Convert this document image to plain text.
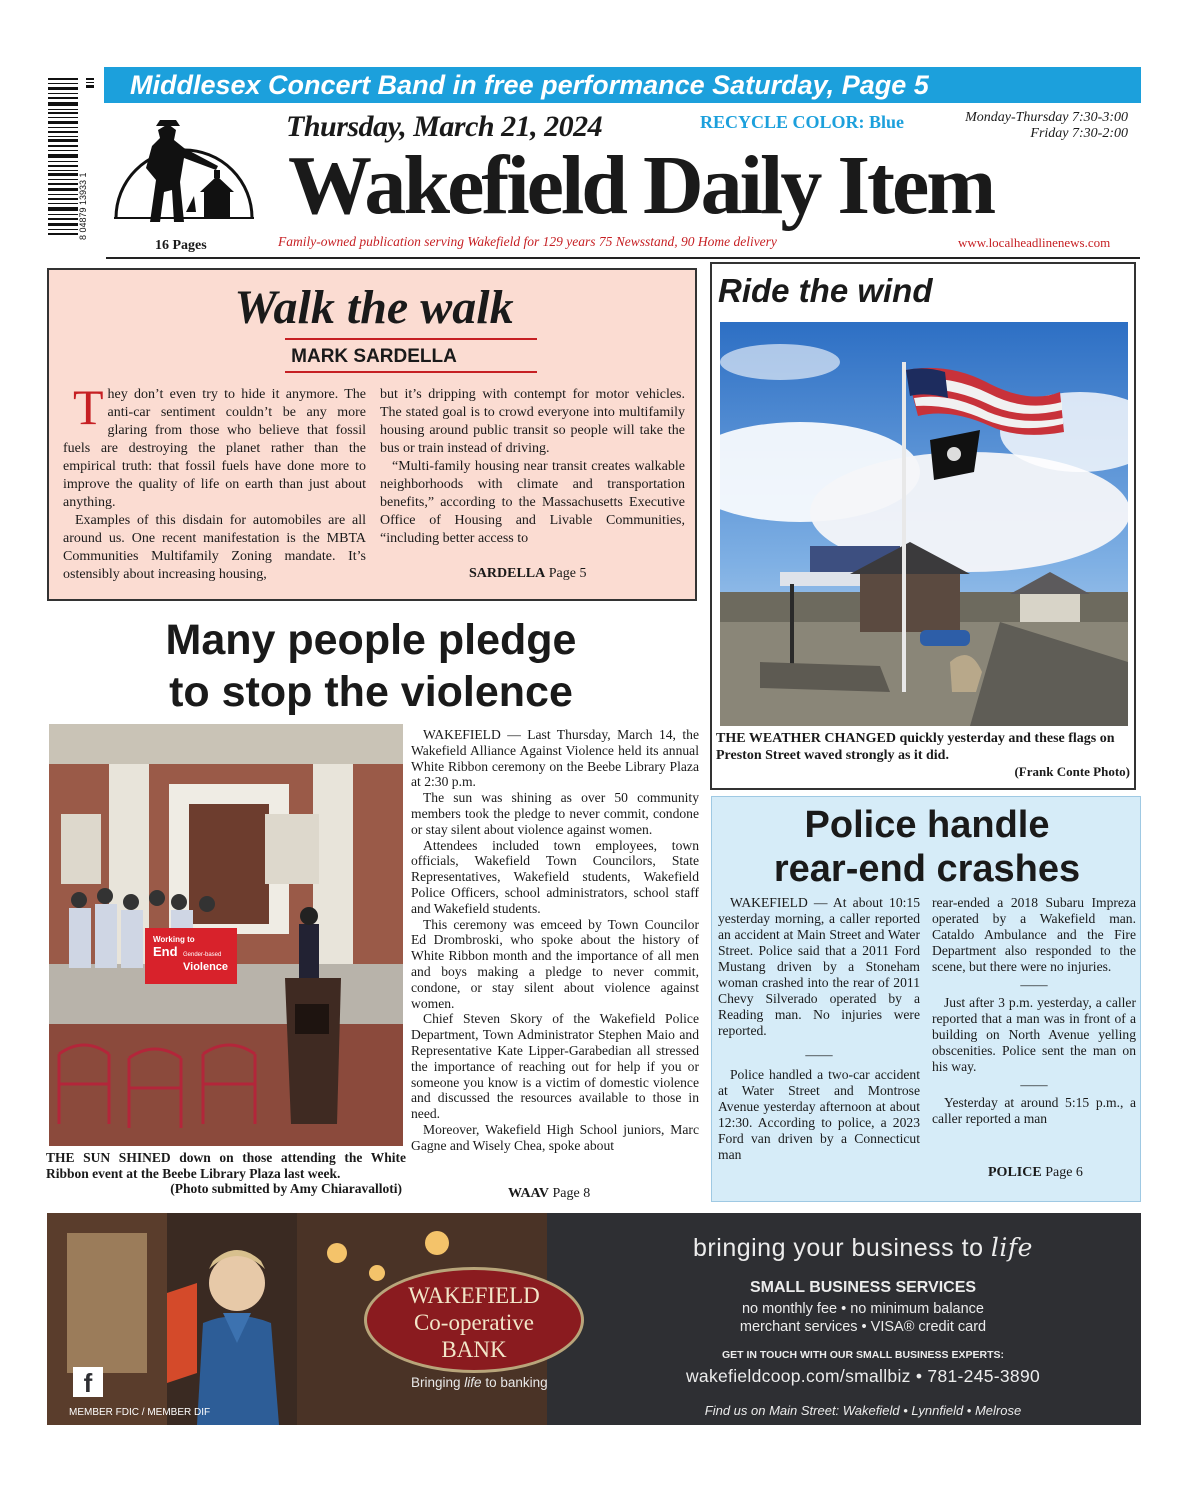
8 04879 13933 1
Middlesex Concert Band in free performance Saturday, Page 5
16 Pages
Thursday, March 21, 2024	RECYCLE COLOR: Blue	Monday-Thursday 7:30-3:00
Friday 7:30-2:00
Wakefield Daily Item
Family-owned publication serving Wakefield for 129 years 75 Newsstand, 90 Home delivery	www.localheadlinenews.com
Walk the walk
MARK SARDELLA

They don’t even try to hide it anymore. The anti-car sentiment couldn’t be any more glaring from those who believe that fossil fuels are destroying the planet rather than the empirical truth: that fossil fuels have done more to improve the quality of life on earth than just about anything.

Examples of this disdain for automobiles are all around us. One recent manifestation is the MBTA Communities Multifamily Zoning mandate. It’s ostensibly about increasing housing,

but it’s dripping with contempt for motor vehicles. The stated goal is to crowd everyone into multifamily housing around public transit so people will take the bus or train instead of driving.

“Multi-family housing near transit creates walkable neighborhoods with climate and transportation benefits,” according to the Massachusetts Executive Office of Housing and Livable Communities, “including better access to

SARDELLA Page 5
Ride the wind
THE WEATHER CHANGED quickly yesterday and these flags on Preston Street waved strongly as it did.
(Frank Conte Photo)
Many people pledge
to stop the violence
Working to
End Gender-based
Violence
THE SUN SHINED down on those attending the White Ribbon event at the Beebe Library Plaza last week.
(Photo submitted by Amy Chiaravalloti)

WAKEFIELD — Last Thursday, March 14, the Wakefield Alliance Against Violence held its annual White Ribbon ceremony on the Beebe Library Plaza at 2:30 p.m.

The sun was shining as over 50 community members took the pledge to never commit, condone or stay silent about violence against women.

Attendees included town employees, town officials, Wakefield Town Councilors, State Representatives, Wakefield students, Wakefield Police Officers, school administrators, school staff and Wakefield students.

This ceremony was emceed by Town Councilor Ed Drombroski, who spoke about the history of White Ribbon month and the importance of all men and boys making a pledge to never commit, condone, or stay silent about violence against women.

Chief Steven Skory of the Wakefield Police Department, Town Administrator Stephen Maio and Representative Kate Lipper-Garabedian all stressed the importance of reaching out for help if you or someone you know is a victim of domestic violence and discussed the resources available to those in need.

Moreover, Wakefield High School juniors, Marc Gagne and Wisely Chea, spoke about

WAAV Page 8
Police handle
rear-end crashes

WAKEFIELD — At about 10:15 yesterday morning, a caller reported an accident at Main Street and Water Street. Police said that a 2011 Ford Mustang driven by a Stoneham woman crashed into the rear of 2011 Chevy Silverado operated by a Reading man. No injuries were reported.

——

Police handled a two-car accident at Water Street and Montrose Avenue yesterday afternoon at about 12:30. According to police, a 2023 Ford van driven by a Connecticut man

rear-ended a 2018 Subaru Impreza operated by a Wakefield man. Cataldo Ambulance and the Fire Department also responded to the scene, but there were no injuries.

——

Just after 3 p.m. yesterday, a caller reported that a man was in front of a building on North Avenue yelling obscenities. Police sent the man on his way.

——

Yesterday at around 5:15 p.m., a caller reported a man

POLICE Page 6
f
MEMBER FDIC / MEMBER DIF
WAKEFIELD
Co-operative
BANK
Bringing life to banking
bringing your business to life
SMALL BUSINESS SERVICES
no monthly fee • no minimum balance
merchant services • VISA® credit card
GET IN TOUCH WITH OUR SMALL BUSINESS EXPERTS:
wakefieldcoop.com/smallbiz • 781-245-3890
Find us on Main Street: Wakefield • Lynnfield • Melrose
